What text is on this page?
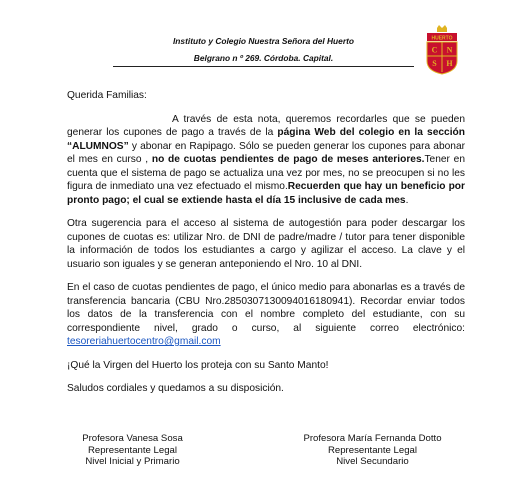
Instituto y Colegio Nuestra Señora del Huerto
Belgrano n º 269. Córdoba. Capital.
HUERTO
C N
S H

Querida Familias:

A través de esta nota, queremos recordarles que se pueden generar los cupones de pago a través de la página Web del colegio en la sección “ALUMNOS” y abonar en Rapipago. Sólo se pueden generar los cupones para abonar el mes en curso , no de cuotas pendientes de pago de meses anteriores.Tener en cuenta que el sistema de pago se actualiza una vez por mes, no se preocupen si no les figura de inmediato una vez efectuado el mismo.Recuerden que hay un beneficio por pronto pago; el cual se extiende hasta el día 15 inclusive de cada mes.

Otra sugerencia para el acceso al sistema de autogestión para poder descargar los cupones de cuotas es: utilizar Nro. de DNI de padre/madre / tutor para tener disponible la información de todos los estudiantes a cargo y agilizar el acceso. La clave y el usuario son iguales y se generan anteponiendo el Nro. 10 al DNI.

En el caso de cuotas pendientes de pago, el único medio para abonarlas es a través de transferencia bancaria (CBU Nro.2850307130094016180941). Recordar enviar todos los datos de la transferencia con el nombre completo del estudiante, con su correspondiente nivel, grado o curso, al siguiente correo electrónico: tesoreriahuertocentro@gmail.com

¡Qué la Virgen del Huerto los proteja con su Santo Manto!

Saludos cordiales y quedamos a su disposición.

Profesora Vanesa Sosa
Representante Legal
Nivel Inicial y Primario
Profesora María Fernanda Dotto
Representante Legal
Nivel Secundario
